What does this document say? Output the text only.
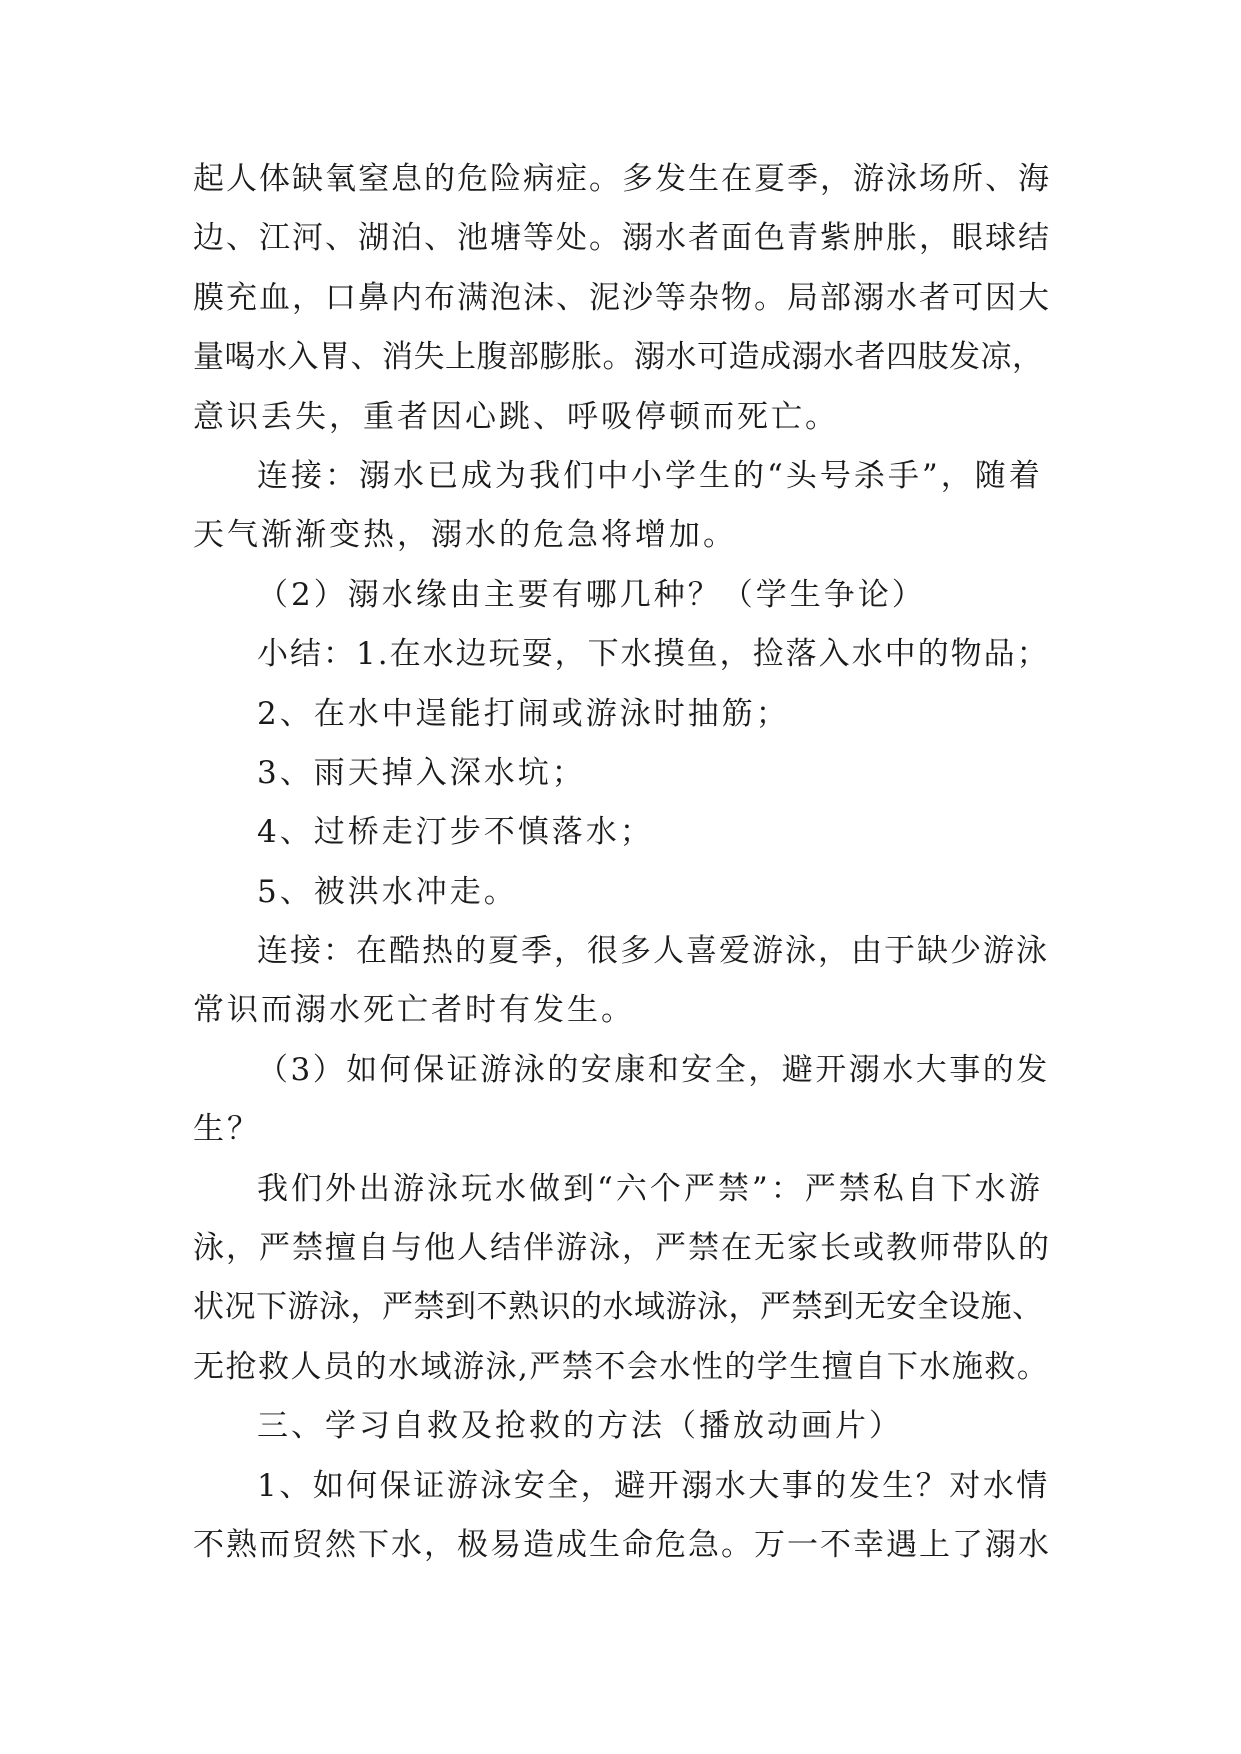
起人体缺氧窒息的危险病症。多发生在夏季，游泳场所、海
边、江河、湖泊、池塘等处。溺水者面色青紫肿胀，眼球结
膜充血，口鼻内布满泡沫、泥沙等杂物。局部溺水者可因大
量喝水入胃、消失上腹部膨胀。溺水可造成溺水者四肢发凉，
意识丢失，重者因心跳、呼吸停顿而死亡。
连接：溺水已成为我们中小学生的“头号杀手”，随着
天气渐渐变热，溺水的危急将增加。
（2）溺水缘由主要有哪几种？（学生争论）
小结：1.在水边玩耍，下水摸鱼，捡落入水中的物品；
2、在水中逞能打闹或游泳时抽筋；
3、雨天掉入深水坑；
4、过桥走汀步不慎落水；
5、被洪水冲走。
连接：在酷热的夏季，很多人喜爱游泳，由于缺少游泳
常识而溺水死亡者时有发生。
（3）如何保证游泳的安康和安全，避开溺水大事的发
生？
我们外出游泳玩水做到“六个严禁”：严禁私自下水游
泳，严禁擅自与他人结伴游泳，严禁在无家长或教师带队的
状况下游泳，严禁到不熟识的水域游泳，严禁到无安全设施、
无抢救人员的水域游泳,严禁不会水性的学生擅自下水施救。
三、学习自救及抢救的方法（播放动画片）
1、如何保证游泳安全，避开溺水大事的发生？对水情
不熟而贸然下水，极易造成生命危急。万一不幸遇上了溺水
